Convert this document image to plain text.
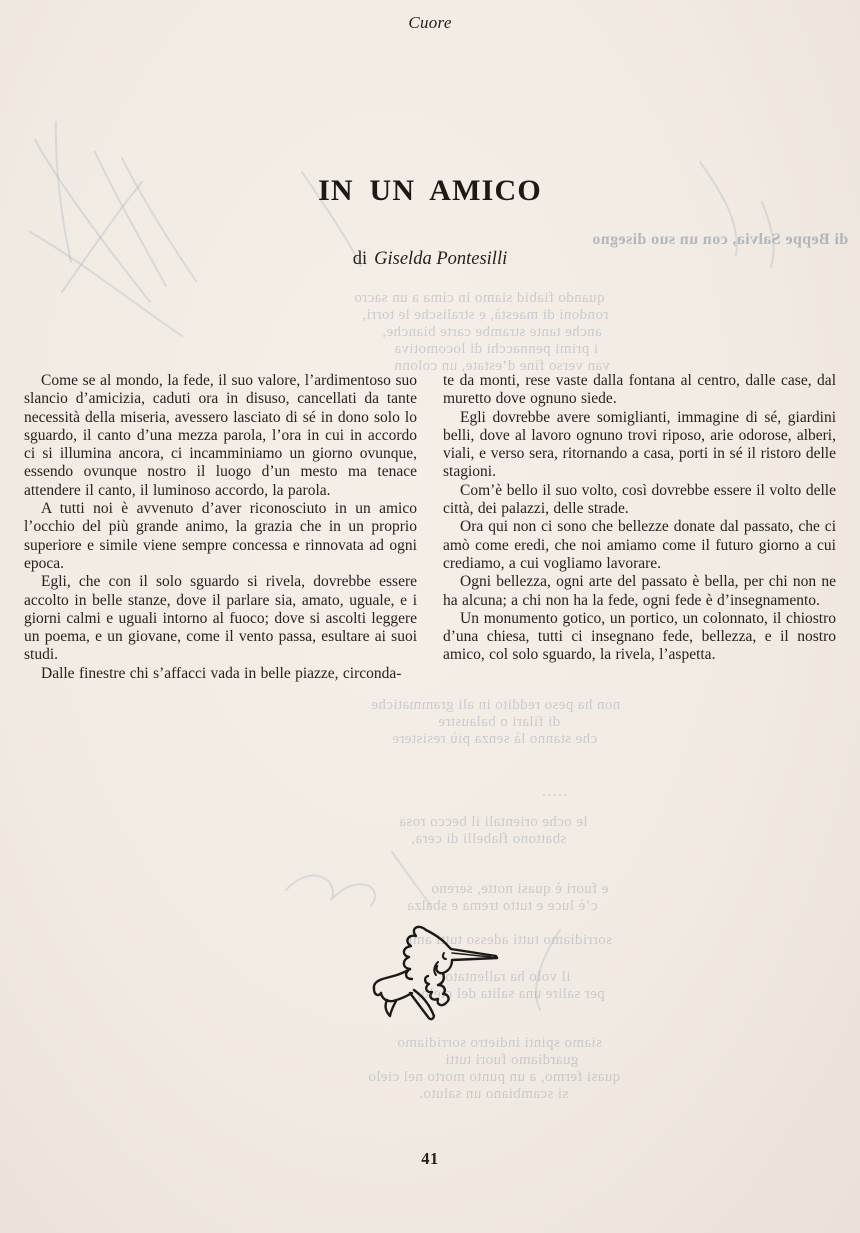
di Beppe Salvia, con un suo disegno
quando fiabid siamo in cima a un sacro
rondoni di maestà, e stralische le torri,
anche tante strambe carte bianche,
i primi pennacchi di locomotiva
van verso fine d’estate, un colonn
non ha peso reddito in ali grammatiche
di filari o balaustre
che stanno là senza più resistere
·····
le oche orientali il becco rosa
sbattono flabelli di cera,
e fuori è quasi notte, sereno
c’è luce e tutto trema e sbalza
sorridiamo tutti adesso tutti ami
il volo ha rallentato
per salire una salita del cielo,
siamo spinti indietro sorridiamo
guardiamo fuori tutti
quasi fermo, a un punto morto nel cielo
si scambiano un saluto.
Cuore
IN UN AMICO
di Giselda Pontesilli

Come se al mondo, la fede, il suo valore, l’ardimentoso suo slancio d’amicizia, caduti ora in disuso, cancellati da tante necessità della miseria, avessero lasciato di sé in dono solo lo sguardo, il canto d’una mezza parola, l’ora in cui in accordo ci si illumina ancora, ci incamminiamo un giorno ovunque, essendo ovunque nostro il luogo d’un mesto ma tenace attendere il canto, il luminoso accordo, la parola.

A tutti noi è avvenuto d’aver riconosciuto in un amico l’occhio del più grande animo, la grazia che in un proprio superiore e simile viene sempre concessa e rinnovata ad ogni epoca.

Egli, che con il solo sguardo si rivela, dovrebbe essere accolto in belle stanze, dove il parlare sia, amato, uguale, e i giorni calmi e uguali intorno al fuoco; dove si ascolti leggere un poema, e un giovane, come il vento passa, esultare ai suoi studi.

Dalle finestre chi s’affacci vada in belle piazze, circonda-

te da monti, rese vaste dalla fontana al centro, dalle case, dal muretto dove ognuno siede.

Egli dovrebbe avere somiglianti, immagine di sé, giardini belli, dove al lavoro ognuno trovi riposo, arie odorose, alberi, viali, e verso sera, ritornando a casa, porti in sé il ristoro delle stagioni.

Com’è bello il suo volto, così dovrebbe essere il volto delle città, dei palazzi, delle strade.

Ora qui non ci sono che bellezze donate dal passato, che ci amò come eredi, che noi amiamo come il futuro giorno a cui crediamo, a cui vogliamo lavorare.

Ogni bellezza, ogni arte del passato è bella, per chi non ne ha alcuna; a chi non ha la fede, ogni fede è d’insegnamento.

Un monumento gotico, un portico, un colonnato, il chiostro d’una chiesa, tutti ci insegnano fede, bellezza, e il nostro amico, col solo sguardo, la rivela, l’aspetta.

41
